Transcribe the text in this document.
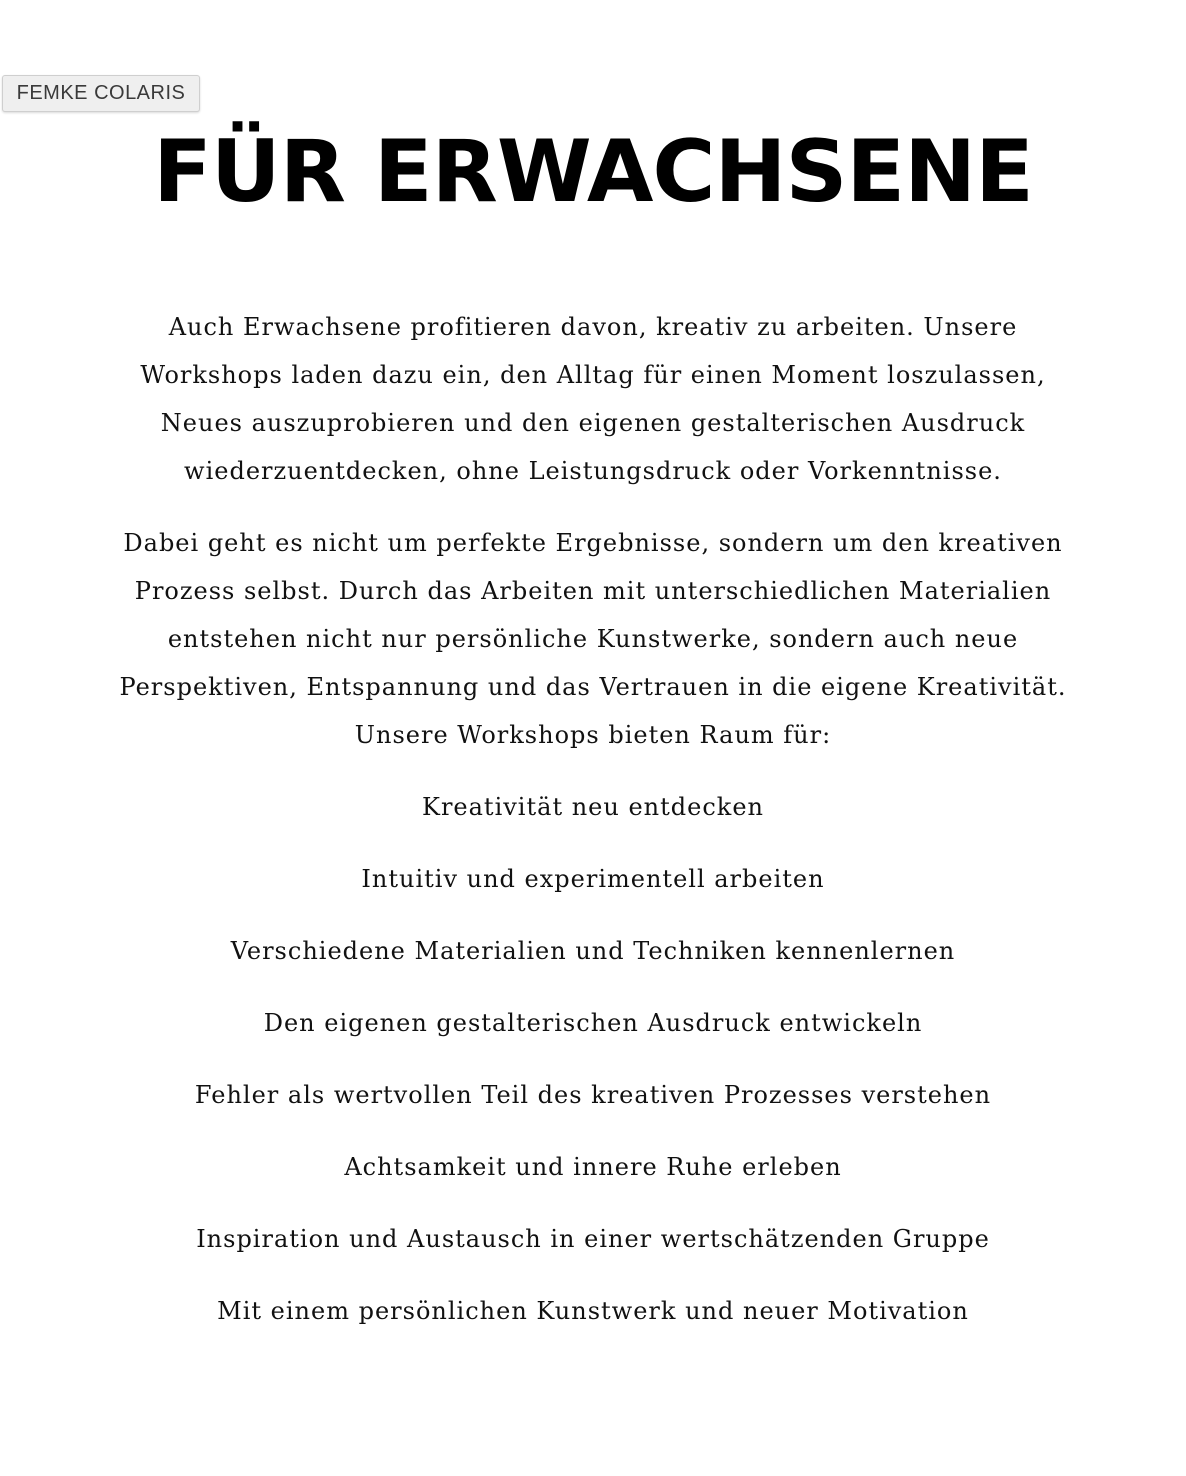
FEMKE COLARIS
FÜR ERWACHSENE

Auch Erwachsene profitieren davon, kreativ zu arbeiten. Unsere Workshops laden dazu ein, den Alltag für einen Moment loszulassen, Neues auszuprobieren und den eigenen gestalterischen Ausdruck wiederzuentdecken, ohne Leistungsdruck oder Vorkenntnisse.

Dabei geht es nicht um perfekte Ergebnisse, sondern um den kreativen Prozess selbst. Durch das Arbeiten mit unterschiedlichen Materialien entstehen nicht nur persönliche Kunstwerke, sondern auch neue Perspektiven, Entspannung und das Vertrauen in die eigene Kreativität.
Unsere Workshops bieten Raum für:

Kreativität neu entdecken
Intuitiv und experimentell arbeiten
Verschiedene Materialien und Techniken kennenlernen
Den eigenen gestalterischen Ausdruck entwickeln
Fehler als wertvollen Teil des kreativen Prozesses verstehen
Achtsamkeit und innere Ruhe erleben
Inspiration und Austausch in einer wertschätzenden Gruppe
Mit einem persönlichen Kunstwerk und neuer Motivation
